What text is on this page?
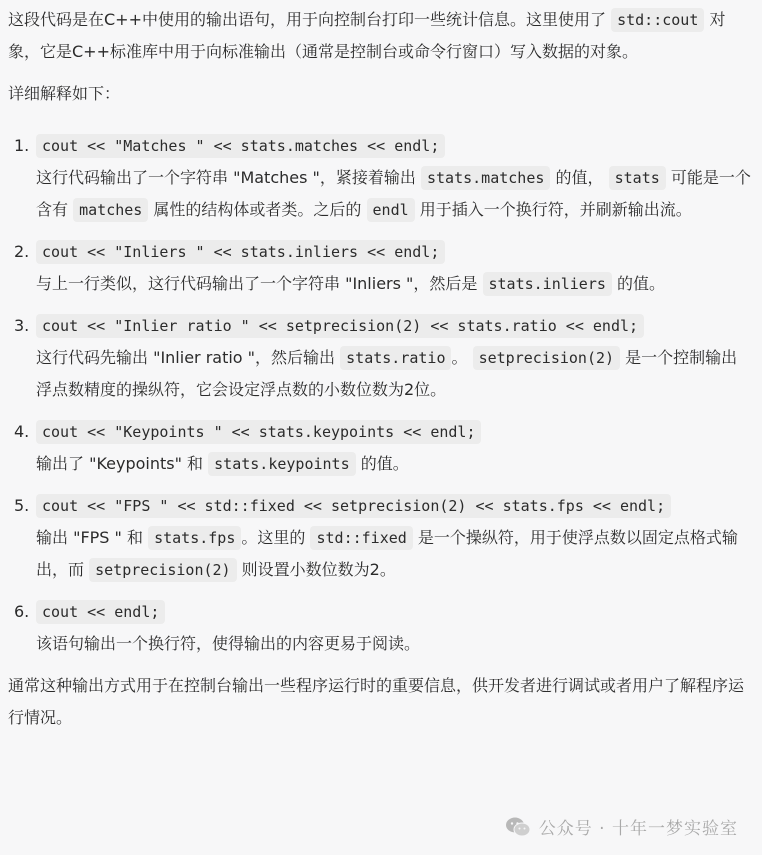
这段代码是在C++中使用的输出语句，用于向控制台打印一些统计信息。这里使用了 std::cout 对象，它是C++标准库中用于向标准输出（通常是控制台或命令行窗口）写入数据的对象。

详细解释如下：

1. cout << "Matches " << stats.matches << endl;
这行代码输出了一个字符串 "Matches "，紧接着输出 stats.matches 的值， stats 可能是一个含有 matches 属性的结构体或者类。之后的 endl 用于插入一个换行符，并刷新输出流。
2. cout << "Inliers " << stats.inliers << endl;
与上一行类似，这行代码输出了一个字符串 "Inliers "，然后是 stats.inliers 的值。
3. cout << "Inlier ratio " << setprecision(2) << stats.ratio << endl;
这行代码先输出 "Inlier ratio "，然后输出 stats.ratio 。 setprecision(2) 是一个控制输出浮点数精度的操纵符，它会设定浮点数的小数位数为2位。
4. cout << "Keypoints " << stats.keypoints << endl;
输出了 "Keypoints" 和 stats.keypoints 的值。
5. cout << "FPS " << std::fixed << setprecision(2) << stats.fps << endl;
输出 "FPS " 和 stats.fps 。这里的 std::fixed 是一个操纵符，用于使浮点数以固定点格式输出，而 setprecision(2) 则设置小数位数为2。
6. cout << endl;
该语句输出一个换行符，使得输出的内容更易于阅读。

通常这种输出方式用于在控制台输出一些程序运行时的重要信息，供开发者进行调试或者用户了解程序运行情况。

公众号 · 十年一梦实验室
